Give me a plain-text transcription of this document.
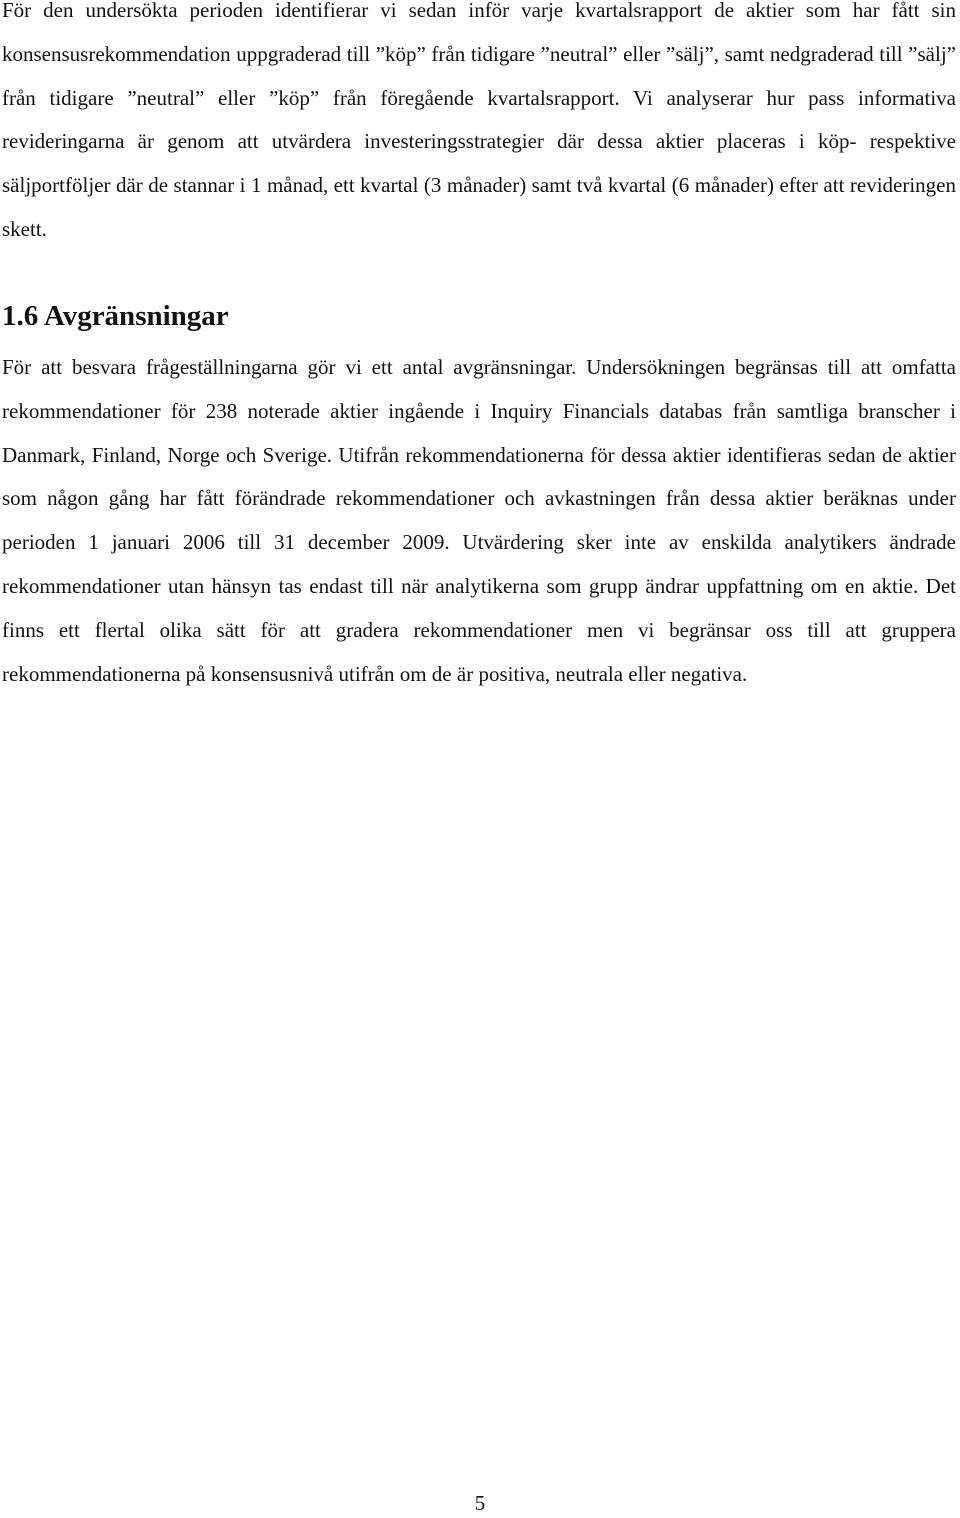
För den undersökta perioden identifierar vi sedan inför varje kvartalsrapport de aktier som har fått sin konsensusrekommendation uppgraderad till ”köp” från tidigare ”neutral” eller ”sälj”, samt nedgraderad till ”sälj” från tidigare ”neutral” eller ”köp” från föregående kvartalsrapport. Vi analyserar hur pass informativa revideringarna är genom att utvärdera investeringsstrategier där dessa aktier placeras i köp- respektive säljportföljer där de stannar i 1 månad, ett kvartal (3 månader) samt två kvartal (6 månader) efter att revideringen skett.

1.6 Avgränsningar

För att besvara frågeställningarna gör vi ett antal avgränsningar. Undersökningen begränsas till att omfatta rekommendationer för 238 noterade aktier ingående i Inquiry Financials databas från samtliga branscher i Danmark, Finland, Norge och Sverige. Utifrån rekommendationerna för dessa aktier identifieras sedan de aktier som någon gång har fått förändrade rekommendationer och avkastningen från dessa aktier beräknas under perioden 1 januari 2006 till 31 december 2009. Utvärdering sker inte av enskilda analytikers ändrade rekommendationer utan hänsyn tas endast till när analytikerna som grupp ändrar uppfattning om en aktie. Det finns ett flertal olika sätt för att gradera rekommendationer men vi begränsar oss till att gruppera rekommendationerna på konsensusnivå utifrån om de är positiva, neutrala eller negativa.

5
